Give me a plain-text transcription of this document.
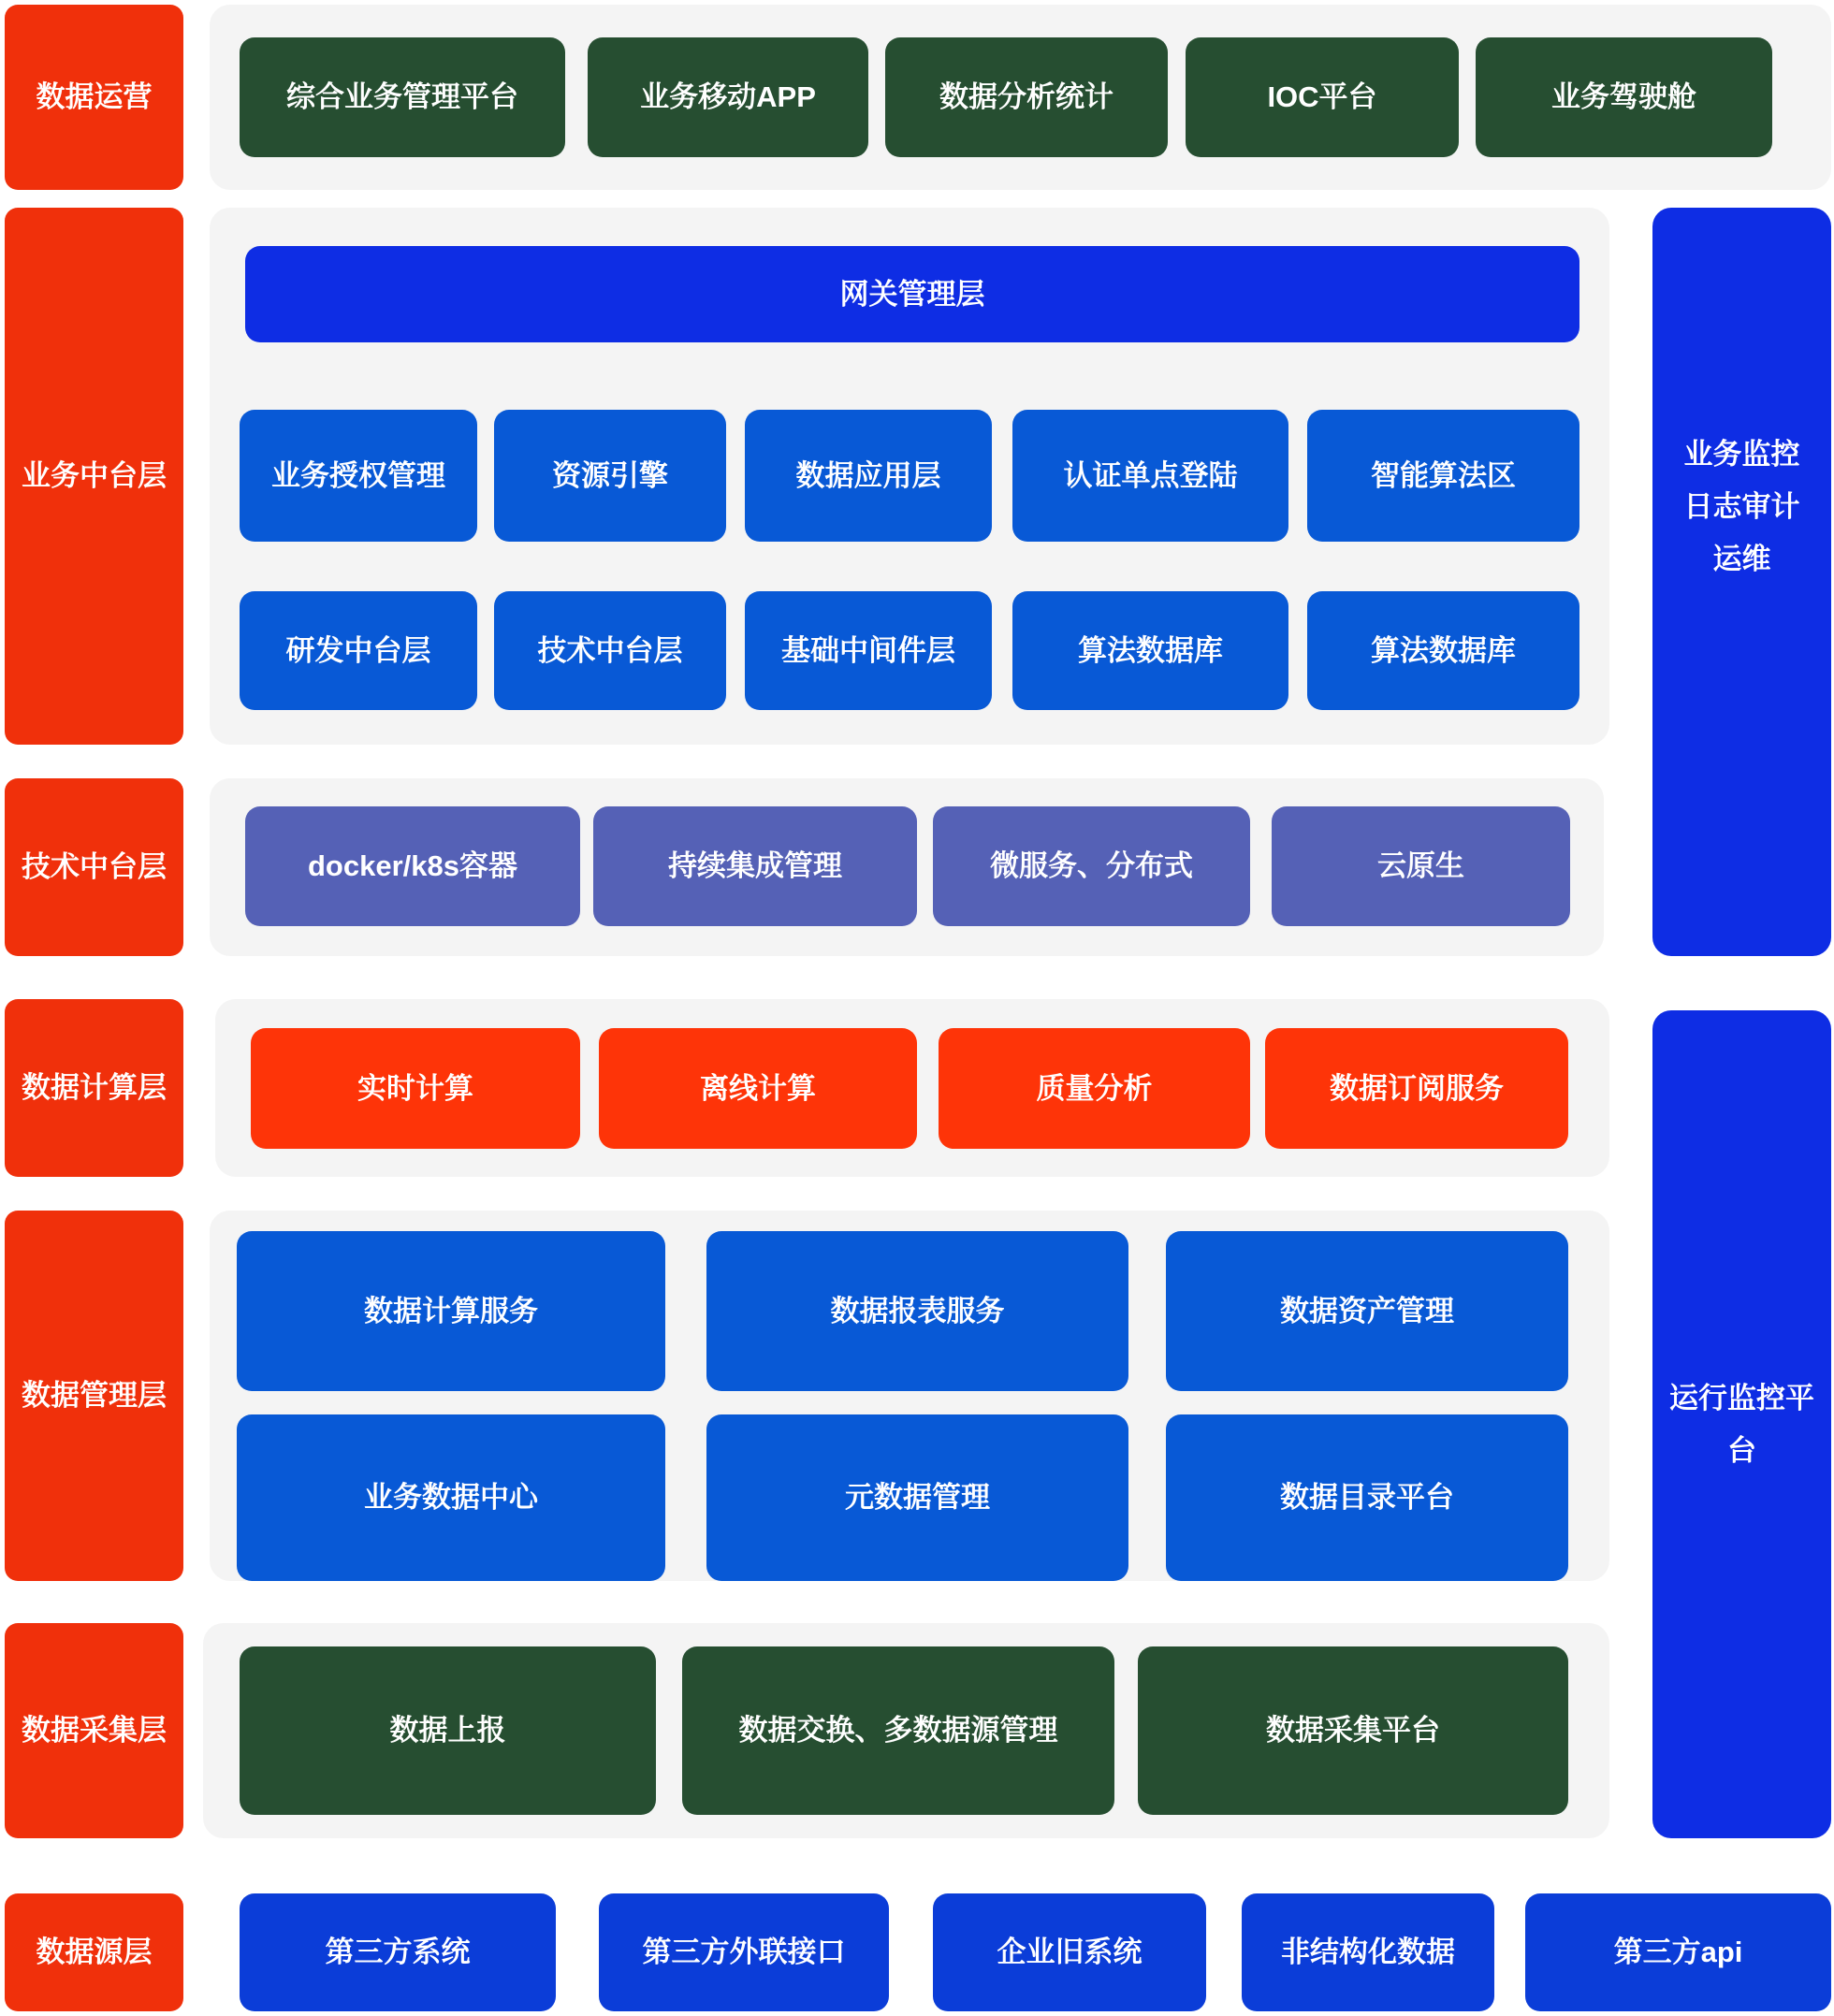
数据运营
业务中台层
技术中台层
数据计算层
数据管理层
数据采集层
数据源层
综合业务管理平台	业务移动APP	数据分析统计	IOC平台	业务驾驶舱
网关管理层
业务授权管理	资源引擎	数据应用层	认证单点登陆	智能算法区
研发中台层	技术中台层	基础中间件层	算法数据库	算法数据库
docker/k8s容器	持续集成管理	微服务、分布式	云原生
实时计算	离线计算	质量分析	数据订阅服务
数据计算服务	数据报表服务	数据资产管理
业务数据中心	元数据管理	数据目录平台
数据上报	数据交换、多数据源管理	数据采集平台
第三方系统	第三方外联接口	企业旧系统	非结构化数据	第三方api
业务监控
日志审计
运维
运行监控平
台
